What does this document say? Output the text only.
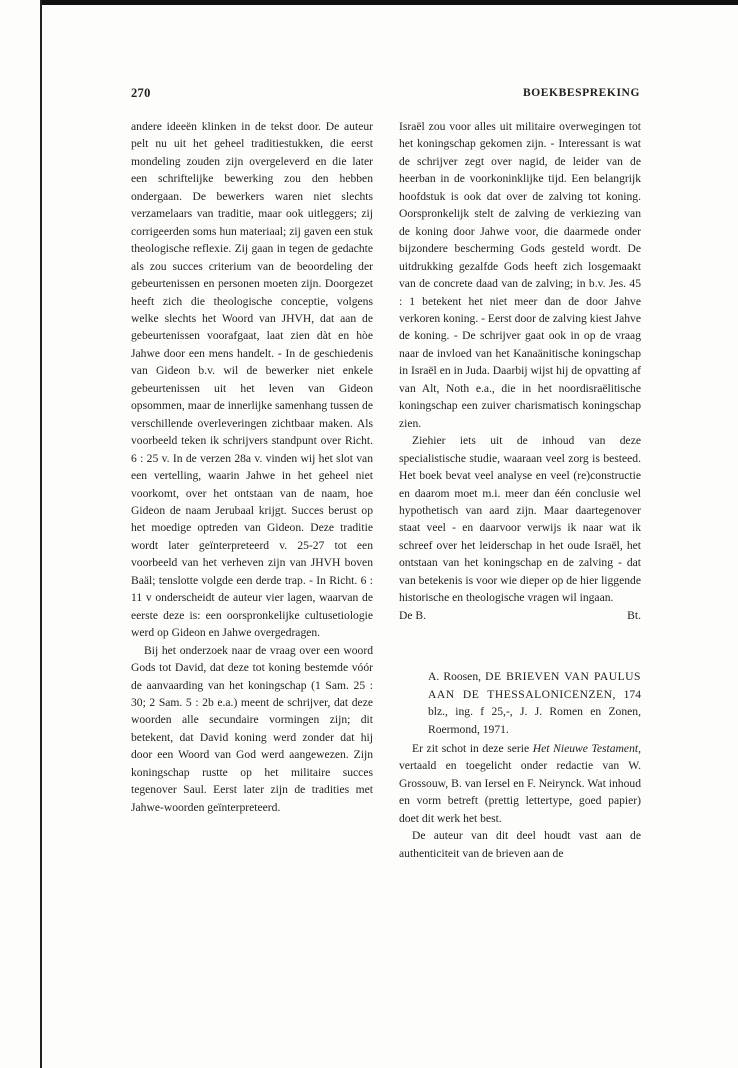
270	BOEKBESPREKING

andere ideeën klinken in de tekst door. De auteur pelt nu uit het geheel traditiestukken, die eerst mondeling zouden zijn overgeleverd en die later een schriftelijke bewerking zou den hebben ondergaan. De bewerkers waren niet slechts verzamelaars van traditie, maar ook uitleggers; zij corrigeerden soms hun materiaal; zij gaven een stuk theologische reflexie. Zij gaan in tegen de gedachte als zou succes criterium van de beoordeling der gebeurtenissen en personen moeten zijn. Doorgezet heeft zich die theologische conceptie, volgens welke slechts het Woord van JHVH, dat aan de gebeurtenissen voorafgaat, laat zien dàt en hòe Jahwe door een mens handelt. - In de geschiedenis van Gideon b.v. wil de bewerker niet enkele gebeurtenissen uit het leven van Gideon opsommen, maar de innerlijke samenhang tussen de verschillende overleveringen zichtbaar maken. Als voorbeeld teken ik schrijvers standpunt over Richt. 6 : 25 v. In de verzen 28a v. vinden wij het slot van een vertelling, waarin Jahwe in het geheel niet voorkomt, over het ontstaan van de naam, hoe Gideon de naam Jerubaal krijgt. Succes berust op het moedige optreden van Gideon. Deze traditie wordt later geïnterpreteerd v. 25-27 tot een voorbeeld van het verheven zijn van JHVH boven Baäl; tenslotte volgde een derde trap. - In Richt. 6 : 11 v onderscheidt de auteur vier lagen, waarvan de eerste deze is: een oorspronkelijke cultusetiologie werd op Gideon en Jahwe overgedragen.

Bij het onderzoek naar de vraag over een woord Gods tot David, dat deze tot koning bestemde vóór de aanvaarding van het koningschap (1 Sam. 25 : 30; 2 Sam. 5 : 2b e.a.) meent de schrijver, dat deze woorden alle secundaire vormingen zijn; dit betekent, dat David koning werd zonder dat hij door een Woord van God werd aangewezen. Zijn koningschap rustte op het militaire succes tegenover Saul. Eerst later zijn de tradities met Jahwe-woorden geïnterpreteerd.

Israël zou voor alles uit militaire overwegingen tot het koningschap gekomen zijn. - Interessant is wat de schrijver zegt over nagid, de leider van de heerban in de voorkoninklijke tijd. Een belangrijk hoofdstuk is ook dat over de zalving tot koning. Oorspronkelijk stelt de zalving de verkiezing van de koning door Jahwe voor, die daarmede onder bijzondere bescherming Gods gesteld wordt. De uitdrukking gezalfde Gods heeft zich losgemaakt van de concrete daad van de zalving; in b.v. Jes. 45 : 1 betekent het niet meer dan de door Jahve verkoren koning. - Eerst door de zalving kiest Jahve de koning. - De schrijver gaat ook in op de vraag naar de invloed van het Kanaänitische koningschap in Israël en in Juda. Daarbij wijst hij de opvatting af van Alt, Noth e.a., die in het noordisraëlitische koningschap een zuiver charismatisch koningschap zien.

Ziehier iets uit de inhoud van deze specialistische studie, waaraan veel zorg is besteed. Het boek bevat veel analyse en veel (re)constructie en daarom moet m.i. meer dan één conclusie wel hypothetisch van aard zijn. Maar daartegenover staat veel - en daarvoor verwijs ik naar wat ik schreef over het leiderschap in het oude Israël, het ontstaan van het koningschap en de zalving - dat van betekenis is voor wie dieper op de hier liggende historische en theologische vragen wil ingaan.

De B.	Bt.
A. Roosen, DE BRIEVEN VAN PAULUS AAN DE THESSALONICENZEN, 174 blz., ing. f 25,-, J. J. Romen en Zonen, Roermond, 1971.

Er zit schot in deze serie Het Nieuwe Testament, vertaald en toegelicht onder redactie van W. Grossouw, B. van Iersel en F. Neirynck. Wat inhoud en vorm betreft (prettig lettertype, goed papier) doet dit werk het best.

De auteur van dit deel houdt vast aan de authenticiteit van de brieven aan de
